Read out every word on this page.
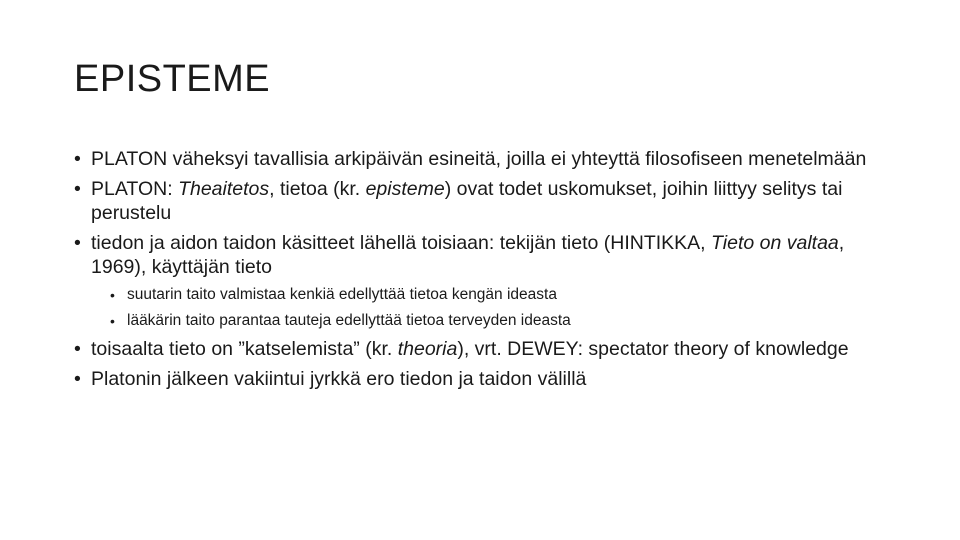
EPISTEME
• PLATON väheksyi tavallisia arkipäivän esineitä, joilla ei yhteyttä filosofiseen menetelmään
• PLATON: Theaitetos, tietoa (kr. episteme) ovat todet uskomukset, joihin liittyy selitys tai perustelu
• tiedon ja aidon taidon käsitteet lähellä toisiaan: tekijän tieto (HINTIKKA, Tieto on valtaa, 1969), käyttäjän tieto
• suutarin taito valmistaa kenkiä edellyttää tietoa kengän ideasta
• lääkärin taito parantaa tauteja edellyttää tietoa terveyden ideasta
• toisaalta tieto on ”katselemista” (kr. theoria), vrt. DEWEY: spectator theory of knowledge
• Platonin jälkeen vakiintui jyrkkä ero tiedon ja taidon välillä
